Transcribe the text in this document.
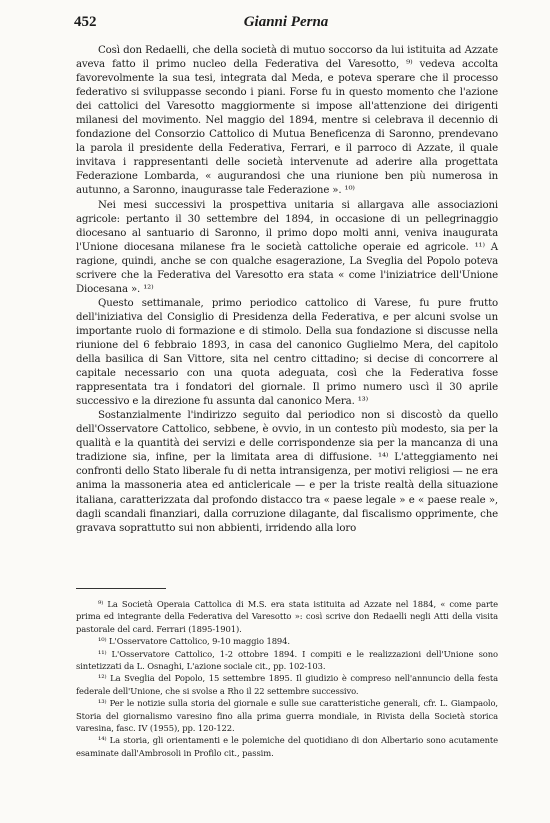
452	Gianni Perna

Così don Redaelli, che della società di mutuo soccorso da lui istituita ad Azzate aveva fatto il primo nucleo della Federativa del Varesotto, ⁹⁾ vedeva accolta favorevolmente la sua tesi, integrata dal Meda, e poteva sperare che il processo federativo si sviluppasse secondo i piani. Forse fu in questo momento che l'azione dei cattolici del Varesotto maggiormente si impose all'attenzione dei dirigenti milanesi del movimento. Nel maggio del 1894, mentre si celebrava il decennio di fondazione del Consorzio Cattolico di Mutua Beneficenza di Saronno, prendevano la parola il presidente della Federativa, Ferrari, e il parroco di Azzate, il quale invitava i rappresentanti delle società intervenute ad aderire alla progettata Federazione Lombarda, « augurandosi che una riunione ben più numerosa in autunno, a Saronno, inaugurasse tale Federazione ». ¹⁰⁾

Nei mesi successivi la prospettiva unitaria si allargava alle associazioni agricole: pertanto il 30 settembre del 1894, in occasione di un pellegrinaggio diocesano al santuario di Saronno, il primo dopo molti anni, veniva inaugurata l'Unione diocesana milanese fra le società cattoliche operaie ed agricole. ¹¹⁾ A ragione, quindi, anche se con qualche esagerazione, La Sveglia del Popolo poteva scrivere che la Federativa del Varesotto era stata « come l'iniziatrice dell'Unione Diocesana ». ¹²⁾

Questo settimanale, primo periodico cattolico di Varese, fu pure frutto dell'iniziativa del Consiglio di Presidenza della Federativa, e per alcuni svolse un importante ruolo di formazione e di stimolo. Della sua fondazione si discusse nella riunione del 6 febbraio 1893, in casa del canonico Guglielmo Mera, del capitolo della basilica di San Vittore, sita nel centro cittadino; si decise di concorrere al capitale necessario con una quota adeguata, così che la Federativa fosse rappresentata tra i fondatori del giornale. Il primo numero uscì il 30 aprile successivo e la direzione fu assunta dal canonico Mera. ¹³⁾

Sostanzialmente l'indirizzo seguito dal periodico non si discostò da quello dell'Osservatore Cattolico, sebbene, è ovvio, in un contesto più modesto, sia per la qualità e la quantità dei servizi e delle corrispondenze sia per la mancanza di una tradizione sia, infine, per la limitata area di diffusione. ¹⁴⁾ L'atteggiamento nei confronti dello Stato liberale fu di netta intransigenza, per motivi religiosi — ne era anima la massoneria atea ed anticlericale — e per la triste realtà della situazione italiana, caratterizzata dal profondo distacco tra « paese legale » e « paese reale », dagli scandali finanziari, dalla corruzione dilagante, dal fiscalismo opprimente, che gravava soprattutto sui non abbienti, irridendo alla loro

⁹⁾ La Società Operaia Cattolica di M.S. era stata istituita ad Azzate nel 1884, « come parte prima ed integrante della Federativa del Varesotto »: così scrive don Redaelli negli Atti della visita pastorale del card. Ferrari (1895-1901).

¹⁰⁾ L'Osservatore Cattolico, 9-10 maggio 1894.

¹¹⁾ L'Osservatore Cattolico, 1-2 ottobre 1894. I compiti e le realizzazioni dell'Unione sono sintetizzati da L. Osnaghi, L'azione sociale cit., pp. 102-103.

¹²⁾ La Sveglia del Popolo, 15 settembre 1895. Il giudizio è compreso nell'annuncio della festa federale dell'Unione, che si svolse a Rho il 22 settembre successivo.

¹³⁾ Per le notizie sulla storia del giornale e sulle sue caratteristiche generali, cfr. L. Giampaolo, Storia del giornalismo varesino fino alla prima guerra mondiale, in Rivista della Società storica varesina, fasc. IV (1955), pp. 120-122.

¹⁴⁾ La storia, gli orientamenti e le polemiche del quotidiano di don Albertario sono acutamente esaminate dall'Ambrosoli in Profilo cit., passim.
